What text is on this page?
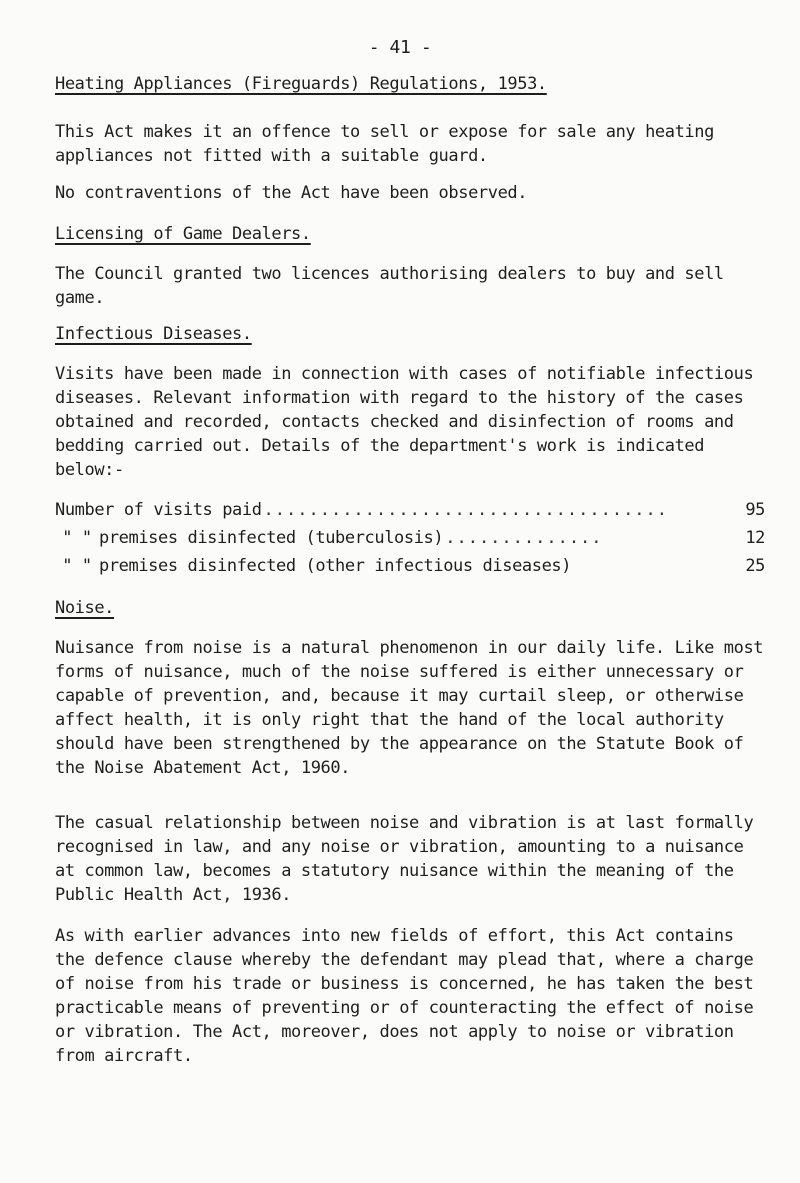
- 41 -
Heating Appliances (Fireguards) Regulations, 1953.

This Act makes it an offence to sell or expose for sale any heating appliances not fitted with a suitable guard.

No contraventions of the Act have been observed.

Licensing of Game Dealers.

The Council granted two licences authorising dealers to buy and sell game.

Infectious Diseases.

Visits have been made in connection with cases of notifiable infectious diseases. Relevant information with regard to the history of the cases obtained and recorded, contacts checked and disinfection of rooms and bedding carried out. Details of the department's work is indicated below:-

Number of visits paid ....................................	95
" " premises disinfected (tuberculosis) ..............	12
" " premises disinfected (other infectious diseases)	25
Noise.

Nuisance from noise is a natural phenomenon in our daily life. Like most forms of nuisance, much of the noise suffered is either unnecessary or capable of prevention, and, because it may curtail sleep, or otherwise affect health, it is only right that the hand of the local authority should have been strengthened by the appearance on the Statute Book of the Noise Abatement Act, 1960.

The casual relationship between noise and vibration is at last formally recognised in law, and any noise or vibration, amounting to a nuisance at common law, becomes a statutory nuisance within the meaning of the Public Health Act, 1936.

As with earlier advances into new fields of effort, this Act contains the defence clause whereby the defendant may plead that, where a charge of noise from his trade or business is concerned, he has taken the best practicable means of preventing or of counteracting the effect of noise or vibration. The Act, moreover, does not apply to noise or vibration from aircraft.
